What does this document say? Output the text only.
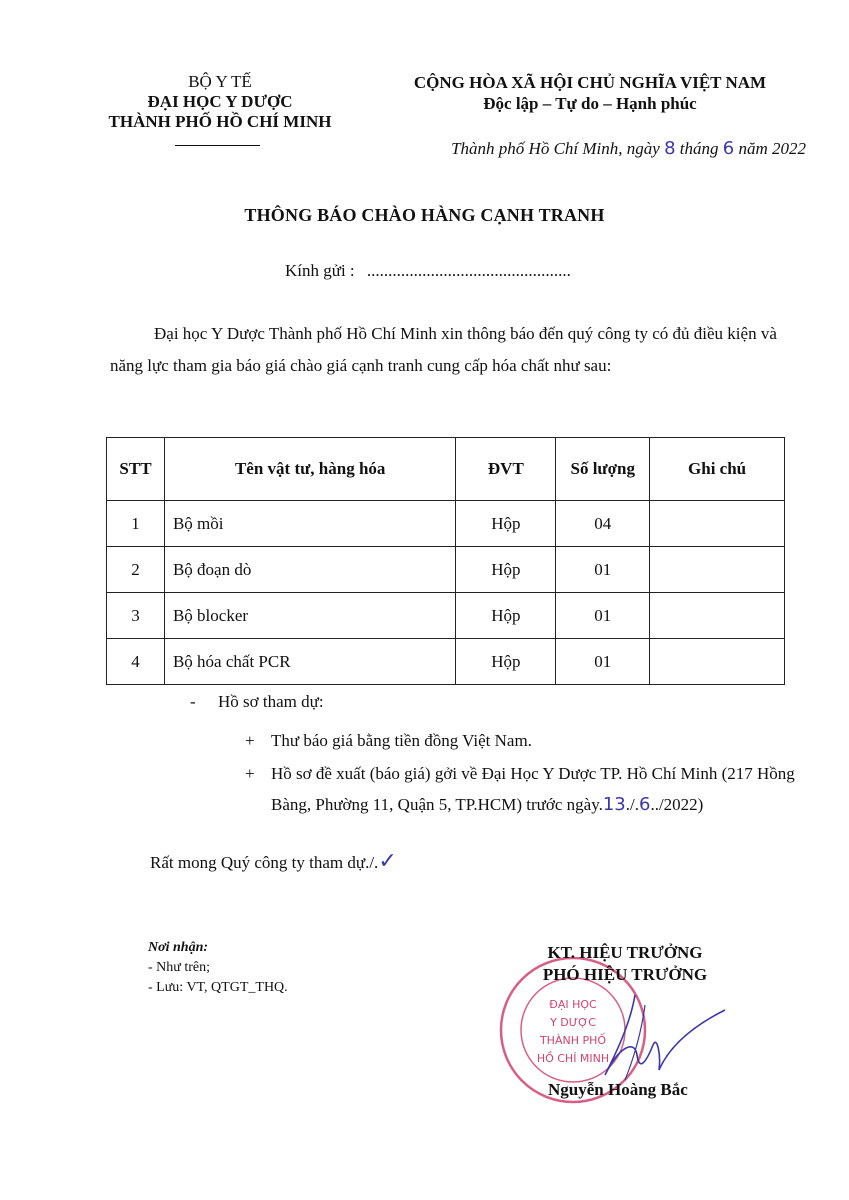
BỘ Y TẾ
ĐẠI HỌC Y DƯỢC
THÀNH PHỐ HỒ CHÍ MINH
CỘNG HÒA XÃ HỘI CHỦ NGHĨA VIỆT NAM
Độc lập – Tự do – Hạnh phúc
Thành phố Hồ Chí Minh, ngày 8 tháng 6 năm 2022
THÔNG BÁO CHÀO HÀNG CẠNH TRANH
Kính gửi : ................................................
Đại học Y Dược Thành phố Hồ Chí Minh xin thông báo đến quý công ty có đủ điều kiện và năng lực tham gia báo giá chào giá cạnh tranh cung cấp hóa chất như sau:
STT	Tên vật tư, hàng hóa	ĐVT	Số lượng	Ghi chú
1	Bộ mồi	Hộp	04	
2	Bộ đoạn dò	Hộp	01	
3	Bộ blocker	Hộp	01	
4	Bộ hóa chất PCR	Hộp	01	
- Hồ sơ tham dự:
+ Thư báo giá bằng tiền đồng Việt Nam.
+ Hồ sơ đề xuất (báo giá) gởi về Đại Học Y Dược TP. Hồ Chí Minh (217 Hồng Bàng, Phường 11, Quận 5, TP.HCM) trước ngày.13./.6../2022)
Rất mong Quý công ty tham dự./.✓
Nơi nhận:
- Như trên;
- Lưu: VT, QTGT_THQ.
ĐẠI HỌC
Y DƯỢC
THÀNH PHỐ
HỒ CHÍ MINH
KT. HIỆU TRƯỞNG
PHÓ HIỆU TRƯỞNG
Nguyễn Hoàng Bắc
